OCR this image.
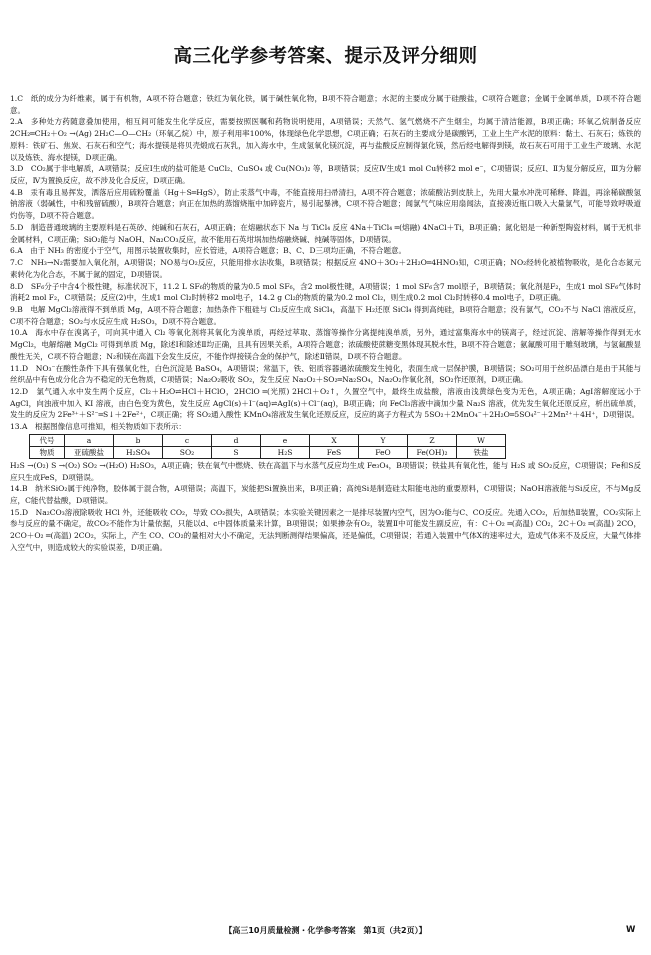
高三化学参考答案、提示及评分细则

1.C　纸的成分为纤维素，属于有机物，A项不符合题意；铁红为氧化铁，属于碱性氧化物，B项不符合题意；水泥的主要成分属于硅酸盐，C项符合题意；金属于金属单质，D项不符合题意。

2.A　多种处方药随意叠加使用，相互间可能发生化学反应，需要按照医嘱和药物说明使用，A项错误；天然气、氢气燃烧不产生烟尘，均属于清洁能源，B项正确；环氧乙烷制备反应 2CH₂═CH₂＋O₂ →(Ag) 2H₂C—O—CH₂（环氧乙烷）中，原子利用率100%，体现绿色化学思想，C项正确；石灰石的主要成分是碳酸钙，工业上生产水泥的原料：黏土、石灰石；炼铁的原料：铁矿石、焦炭、石灰石和空气；海水提镁是将贝壳煅成石灰乳，加入海水中，生成氢氧化镁沉淀，再与盐酸反应制得氯化镁，然后经电解得到镁，故石灰石可用于工业生产玻璃、水泥以及炼铁、海水提镁，D项正确。

3.D　CO₂属于非电解质，A项错误；反应Ⅰ生成的盐可能是 CuCl₂、CuSO₄ 或 Cu(NO₃)₂ 等，B项错误；反应Ⅳ生成1 mol Cu转移2 mol e⁻，C项错误；反应Ⅰ、Ⅱ为复分解反应，Ⅲ为分解反应，Ⅳ为置换反应，故不涉及化合反应，D项正确。

4.B　汞有毒且易挥发，洒落后应用硫粉覆盖（Hg＋S═HgS），防止汞蒸气中毒，不能直接用扫帚清扫，A项不符合题意；浓硫酸沾到皮肤上，先用大量水冲洗可稀释、降温，再涂稀碳酸氢钠溶液（弱碱性，中和残留硫酸），B项符合题意；向正在加热的蒸馏烧瓶中加碎瓷片，易引起暴沸，C项不符合题意；闻氯气气味应用扇闻法，直接凑近瓶口吸入大量氯气，可能导致呼吸道灼伤等，D项不符合题意。

5.D　制造普通玻璃的主要原料是石英砂、纯碱和石灰石，A项正确；在熔融状态下 Na 与 TiCl₄ 反应 4Na＋TiCl₄ ═(熔融) 4NaCl＋Ti，B项正确；氮化铝是一种新型陶瓷材料，属于无机非金属材料，C项正确；SiO₂能与 NaOH、Na₂CO₃反应，故不能用石英坩埚加热熔融烧碱、纯碱等固体，D项错误。

6.A　由于 NH₃ 的密度小于空气，用图示装置收集时，应长管进，A项符合题意；B、C、D三项均正确，不符合题意。

7.C　NH₃→N₂需要加入氧化剂，A项错误；NO易与O₂反应，只能用排水法收集，B项错误；根据反应 4NO＋3O₂＋2H₂O═4HNO₃知，C项正确；NO₂经转化被植物吸收，是化合态氮元素转化为化合态，不属于氮的固定，D项错误。

8.D　SF₆分子中含4个极性键，标准状况下，11.2 L SF₆的物质的量为0.5 mol SF₆，含2 mol极性键，A项错误；1 mol SF₆含7 mol原子，B项错误；氧化剂是F₂，生成1 mol SF₆气体时消耗2 mol F₂，C项错误；反应(2)中，生成1 mol Cl₂时转移2 mol电子，14.2 g Cl₂的物质的量为0.2 mol Cl₂，则生成0.2 mol Cl₂时转移0.4 mol电子，D项正确。

9.B　电解 MgCl₂溶液得不到单质 Mg，A项不符合题意；加热条件下粗硅与 Cl₂反应生成 SiCl₄，高温下 H₂还原 SiCl₄ 得到高纯硅，B项符合题意；没有氯气，CO₂不与 NaCl 溶液反应，C项不符合题意；SO₂与水反应生成 H₂SO₃，D项不符合题意。

10.A　海水中存在溴离子，可向其中通入 Cl₂ 等氧化剂将其氧化为溴单质，再经过萃取、蒸馏等操作分离提纯溴单质，另外，通过富集海水中的镁离子，经过沉淀、溶解等操作得到无水 MgCl₂，电解熔融 MgCl₂ 可得到单质 Mg，除述Ⅰ和除述Ⅱ均正确，且具有因果关系，A项符合题意；浓硫酸使蔗糖变黑体现其脱水性，B项不符合题意；氨氟酸可用于雕刻玻璃，与氢氟酸显酸性无关，C项不符合题意；N₂和镁在高温下会发生反应，不能作焊接镁合金的保护气，除述Ⅱ错误，D项不符合题意。

11.D　NO₃⁻在酸性条件下具有强氧化性，白色沉淀是 BaSO₄，A项错误；常温下，铁、铝质容器遇浓硫酸发生钝化，表面生成一层保护膜，B项错误；SO₂可用于丝织品漂白是由于其能与丝织品中有色成分化合为不稳定的无色物质，C项错误；Na₂O₂吸收 SO₂，发生反应 Na₂O₂＋SO₂═Na₂SO₄，Na₂O₂作氧化剂，SO₂作还原剂，D项正确。

12.D　氯气通入水中发生两个反应，Cl₂＋H₂O⇌HCl＋HClO，2HClO ═(光照) 2HCl＋O₂↑，久置空气中，最终生成盐酸，溶液由浅黄绿色变为无色，A项正确；AgI溶解度远小于 AgCl，向浊液中加入 KI 溶液，由白色变为黄色，发生反应 AgCl(s)＋I⁻(aq)⇌AgI(s)＋Cl⁻(aq)，B项正确；向 FeCl₃溶液中滴加少量 Na₂S 溶液，优先发生氧化还原反应，析出硫单质，发生的反应为 2Fe³⁺＋S²⁻═S↓＋2Fe²⁺，C项正确；将 SO₂通入酸性 KMnO₄溶液发生氧化还原反应，反应的离子方程式为 5SO₂＋2MnO₄⁻＋2H₂O═5SO₄²⁻＋2Mn²⁺＋4H⁺，D项错误。

13.A　根据图像信息可推知，相关物质如下表所示：

代号	a	b	c	d	e	X	Y	Z	W
物质	亚硫酸盐	H₂SO₄	SO₂	S	H₂S	FeS	FeO	Fe(OH)₂	铁盐

H₂S →(O₂) S →(O₂) SO₂ →(H₂O) H₂SO₃，A项正确；铁在氧气中燃烧、铁在高温下与水蒸气反应均生成 Fe₃O₄，B项错误；铁盐具有氧化性，能与 H₂S 或 SO₂反应，C项错误；Fe和S反应只生成FeS，D项错误。

14.B　纳米SiO₂属于纯净物，胶体属于混合物，A项错误；高温下，炭能把Si置换出来，B项正确；高纯Si是制造硅太阳能电池的重要原料，C项错误；NaOH溶液能与Si反应，不与Mg反应，C能代替盐酸，D项错误。

15.D　Na₂CO₃溶液除吸收 HCl 外，还能吸收 CO₂，导致 CO₂损失，A项错误；本实验关键因素之一是排尽装置内空气，因为O₂能与C、CO反应。先通入CO₂，后加热Ⅱ装置，CO₂实际上参与反应的量不确定，故CO₂不能作为计量依据，只能以d、c中固体质量来计算，B项错误；如果掺杂有O₂，装置Ⅱ中可能发生副反应，有：C＋O₂ ═(高温) CO₂，2C＋O₂ ═(高温) 2CO，2CO＋O₂ ═(高温) 2CO₂，实际上，产生 CO、CO₂的量相对大小不确定，无法判断测得结果偏高，还是偏低，C项错误；若通入装置中气体X的速率过大，造成气体来不及反应，大量气体排入空气中，则造成较大的实验误差，D项正确。

【高三10月质量检测・化学参考答案　第1页（共2页）】	W
